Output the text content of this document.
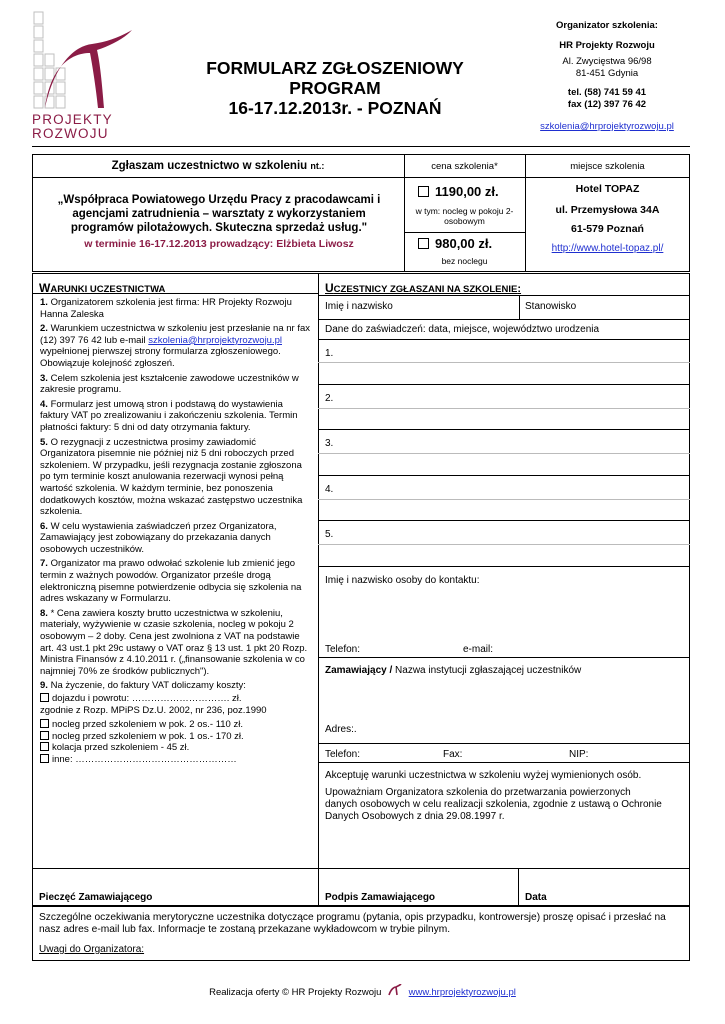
PROJEKTY
ROZWOJU
FORMULARZ ZGŁOSZENIOWY
PROGRAM
16-17.12.2013r. - POZNAŃ
Organizator szkolenia:
HR Projekty Rozwoju
Al. Zwycięstwa 96/98
81-451 Gdynia
tel. (58) 741 59 41
fax (12) 397 76 42
szkolenia@hrprojektyrozwoju.pl
Zgłaszam uczestnictwo w szkoleniu nt.:	cena szkolenia*	miejsce szkolenia
„Współpraca Powiatowego Urzędu Pracy z pracodawcami i agencjami zatrudnienia – warsztaty z wykorzystaniem programów pilotażowych. Skuteczna sprzedaż usług."
w terminie 16-17.12.2013 prowadzący: Elżbieta Liwosz
1190,00 zł.
w tym: nocleg w pokoju 2-osobowym
980,00 zł.
bez noclegu
Hotel TOPAZ
ul. Przemysłowa 34A
61-579 Poznań
http://www.hotel-topaz.pl/
WARUNKI UCZESTNICTWA

1. Organizatorem szkolenia jest firma: HR Projekty Rozwoju Hanna Zaleska

2. Warunkiem uczestnictwa w szkoleniu jest przesłanie na nr fax (12) 397 76 42 lub e-mail szkolenia@hrprojektyrozwoju.pl wypełnionej pierwszej strony formularza zgłoszeniowego. Obowiązuje kolejność zgłoszeń.

3. Celem szkolenia jest kształcenie zawodowe uczestników w zakresie programu.

4. Formularz jest umową stron i podstawą do wystawienia faktury VAT po zrealizowaniu i zakończeniu szkolenia. Termin płatności faktury: 5 dni od daty otrzymania faktury.

5. O rezygnacji z uczestnictwa prosimy zawiadomić Organizatora pisemnie nie później niż 5 dni roboczych przed szkoleniem. W przypadku, jeśli rezygnacja zostanie zgłoszona po tym terminie koszt anulowania rezerwacji wynosi pełną wartość szkolenia. W każdym terminie, bez ponoszenia dodatkowych kosztów, można wskazać zastępstwo uczestnika szkolenia.

6. W celu wystawienia zaświadczeń przez Organizatora, Zamawiający jest zobowiązany do przekazania danych osobowych uczestników.

7. Organizator ma prawo odwołać szkolenie lub zmienić jego termin z ważnych powodów. Organizator prześle drogą elektroniczną pisemne potwierdzenie odbycia się szkolenia na adres wskazany w Formularzu.

8. * Cena zawiera koszty brutto uczestnictwa w szkoleniu, materiały, wyżywienie w czasie szkolenia, nocleg w pokoju 2 osobowym – 2 doby. Cena jest zwolniona z VAT na podstawie art. 43 ust.1 pkt 29c ustawy o VAT oraz § 13 ust. 1 pkt 20 Rozp. Ministra Finansów z 4.10.2011 r. („finansowanie szkolenia w co najmniej 70% ze środków publicznych").

9. Na życzenie, do faktury VAT doliczamy koszty:

dojazdu i powrotu: …………………………. zł.
zgodnie z Rozp. MPiPS Dz.U. 2002, nr 236, poz.1990
nocleg przed szkoleniem w pok. 2 os.- 110 zł.
nocleg przed szkoleniem w pok. 1 os.- 170 zł.
kolacja przed szkoleniem - 45 zł.
inne: ……………………………………………
UCZESTNICY ZGŁASZANI NA SZKOLENIE:
Imię i nazwisko	Stanowisko
Dane do zaświadczeń: data, miejsce, województwo urodzenia
1.
2.
3.
4.
5.
Imię i nazwisko osoby do kontaktu:
Telefon:	e-mail:
Zamawiający / Nazwa instytucji zgłaszającej uczestników
Adres:.
Telefon:	Fax:	NIP:
Akceptuję warunki uczestnictwa w szkoleniu wyżej wymienionych osób.
Upoważniam Organizatora szkolenia do przetwarzania powierzonych danych osobowych w celu realizacji szkolenia, zgodnie z ustawą o Ochronie Danych Osobowych z dnia 29.08.1997 r.
Pieczęć Zamawiającego	Podpis Zamawiającego	Data
Szczególne oczekiwania merytoryczne uczestnika dotyczące programu (pytania, opis przypadku, kontrowersje) proszę opisać i przesłać na nasz adres e-mail lub fax. Informacje te zostaną przekazane wykładowcom w trybie pilnym.
Uwagi do Organizatora:
Realizacja oferty © HR Projekty Rozwoju	www.hrprojektyrozwoju.pl
